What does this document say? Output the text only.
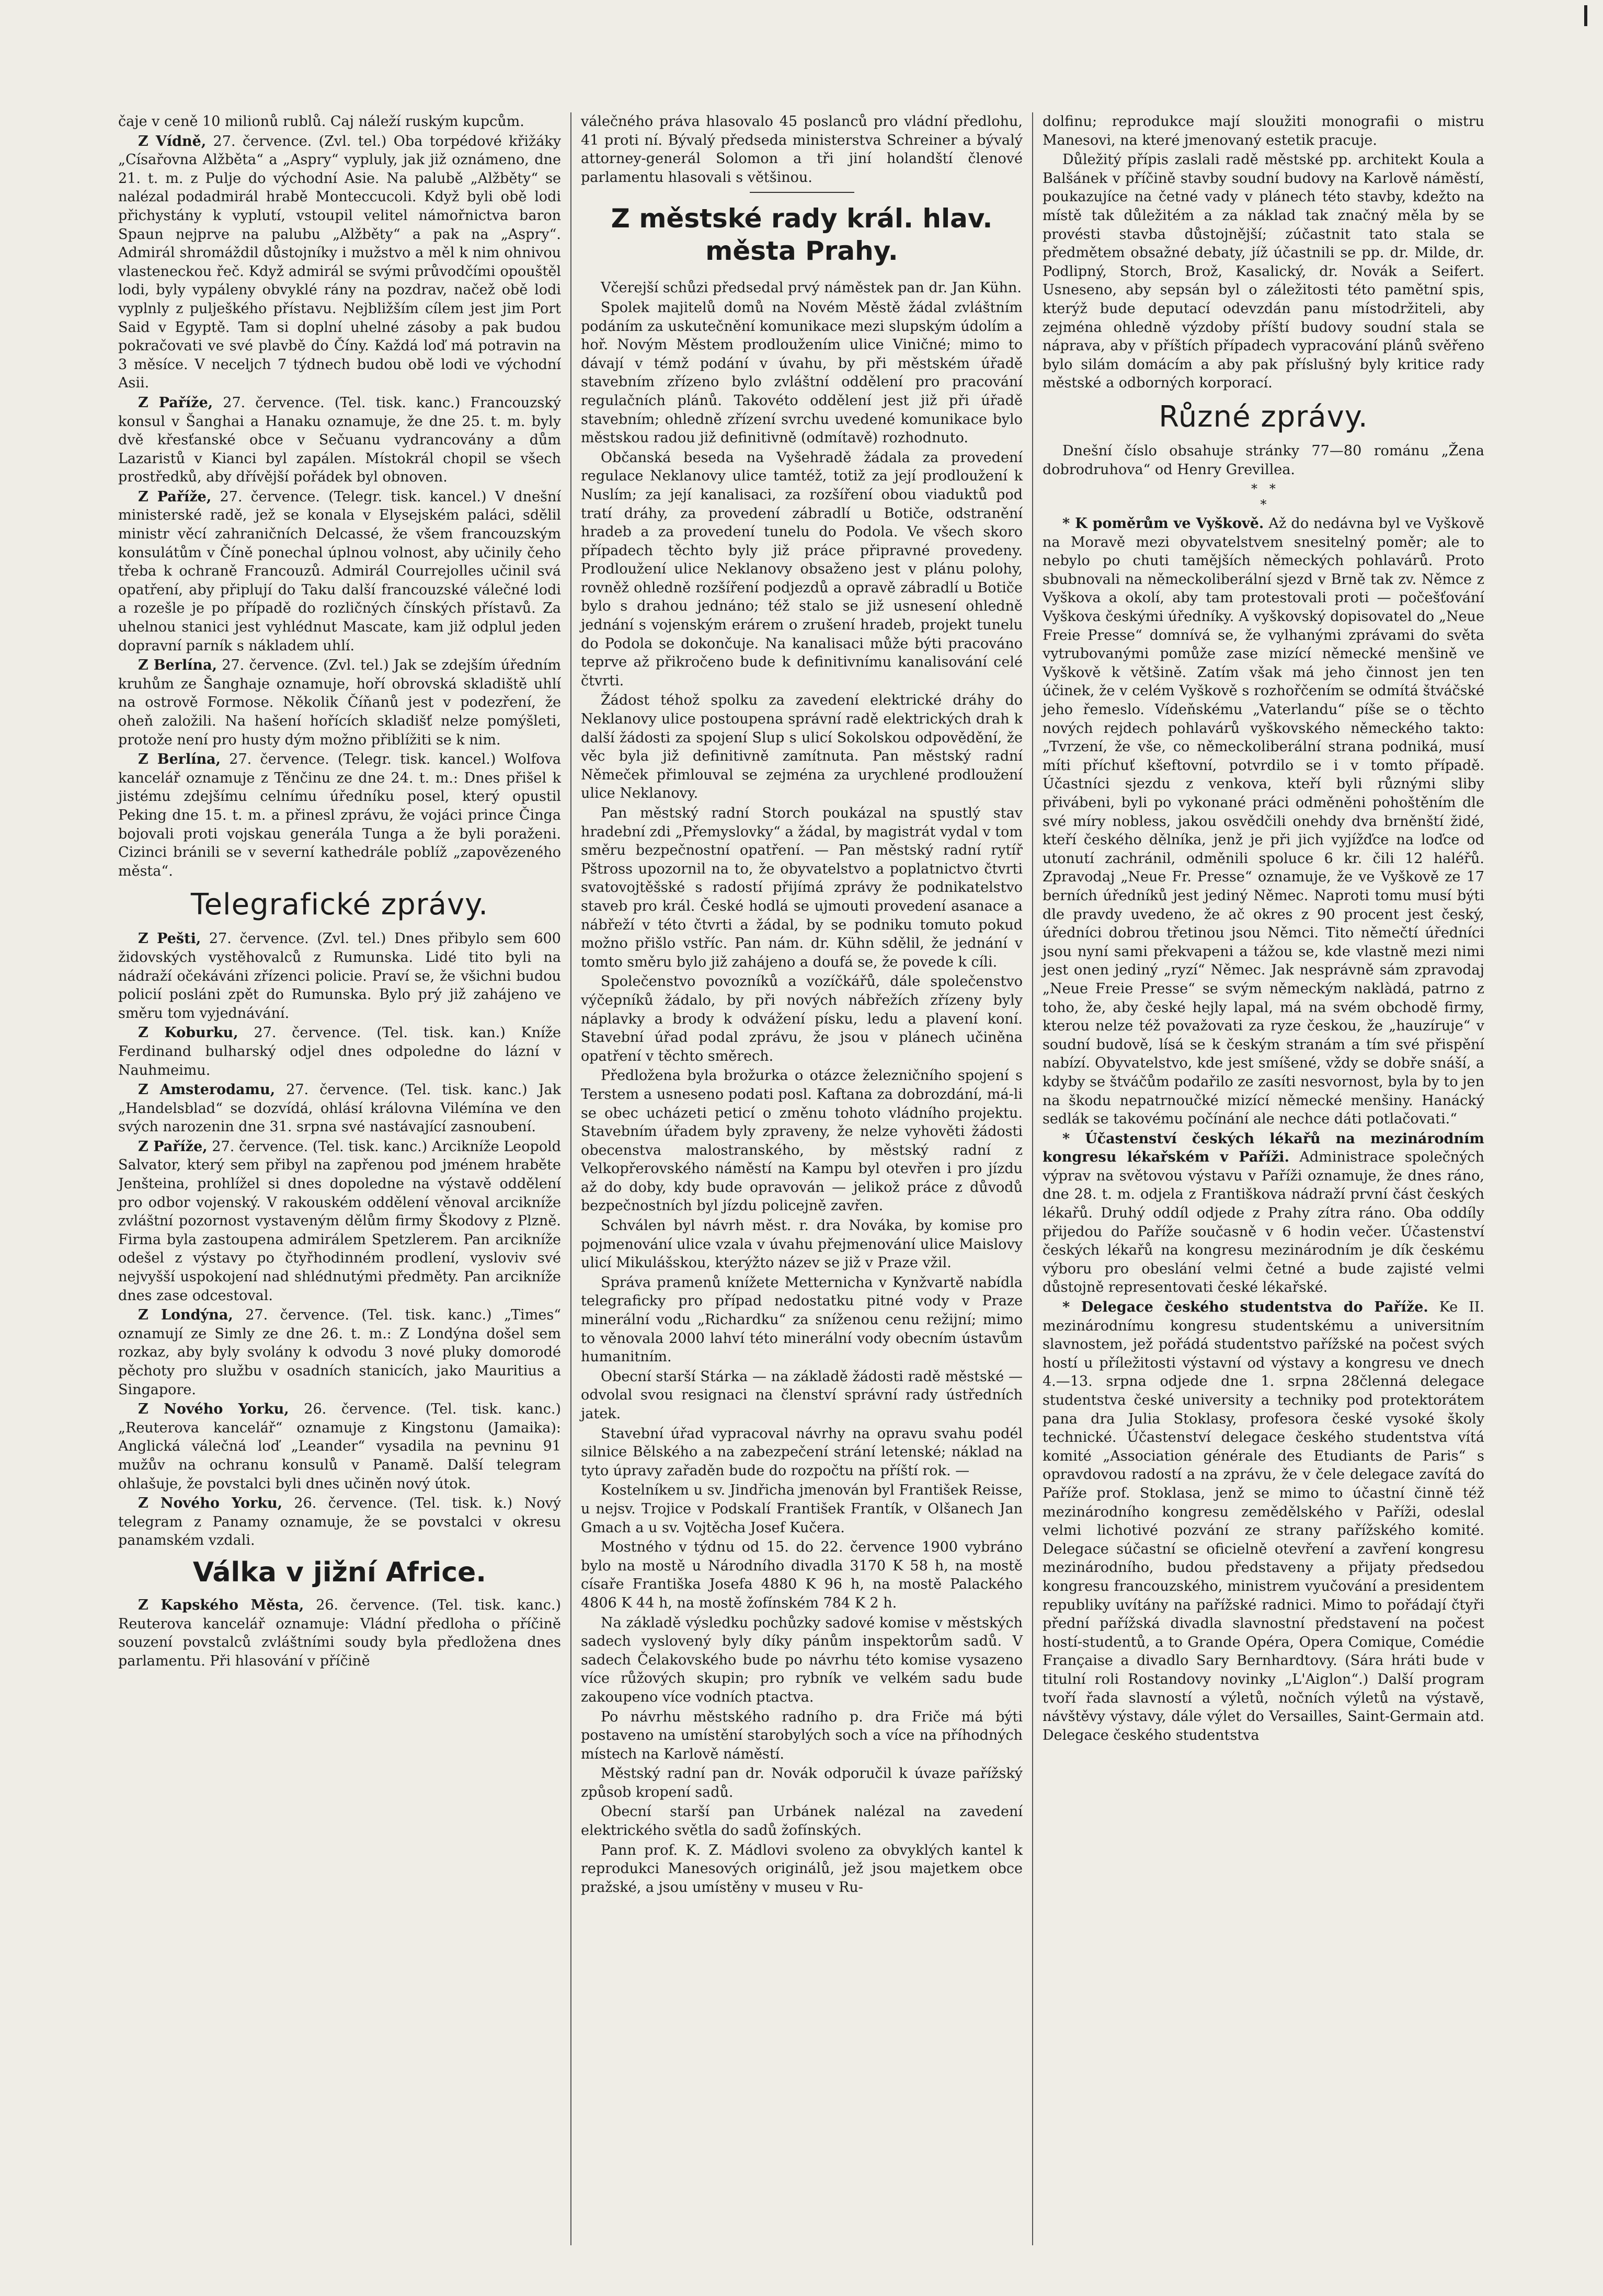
čaje v ceně 10 milionů rublů. Caj náleží ruským kupcům.

Z Vídně, 27. července. (Zvl. tel.) Oba torpédové křižáky „Císařovna Alžběta“ a „Aspry“ vypluly, jak již oznámeno, dne 21. t. m. z Pulje do východní Asie. Na palubě „Alžběty“ se nalézal podadmirál hrabě Monteccucoli. Když byli obě lodi přichystány k vyplutí, vstoupil velitel námořnictva baron Spaun nejprve na palubu „Alžběty“ a pak na „Aspry“. Admirál shromáždil důstojníky i mužstvo a měl k nim ohnivou vlasteneckou řeč. Když admirál se svými průvodčími opouštěl lodi, byly vypáleny obvyklé rány na pozdrav, načež obě lodi vyplnly z pulješkého přístavu. Nejbližším cílem jest jim Port Said v Egyptě. Tam si doplní uhelné zásoby a pak budou pokračovati ve své plavbě do Číny. Každá loď má potravin na 3 měsíce. V neceljch 7 týdnech budou obě lodi ve východní Asii.

Z Paříže, 27. července. (Tel. tisk. kanc.) Francouzský konsul v Šanghai a Hanaku oznamuje, že dne 25. t. m. byly dvě křesťanské obce v Sečuanu vydrancovány a dům Lazaristů v Kianci byl zapálen. Místokrál chopil se všech prostředků, aby dřívější pořádek byl obnoven.

Z Paříže, 27. července. (Telegr. tisk. kancel.) V dnešní ministerské radě, jež se konala v Elysejském paláci, sdělil ministr věcí zahraničních Delcassé, že všem francouzským konsulátům v Číně ponechal úplnou volnost, aby učinily čeho třeba k ochraně Francouzů. Admirál Courrejolles učinil svá opatření, aby připlují do Taku další francouzské válečné lodi a rozešle je po případě do rozličných čínských přístavů. Za uhelnou stanici jest vyhlédnut Mascate, kam již odplul jeden dopravní parník s nákladem uhlí.

Z Berlína, 27. července. (Zvl. tel.) Jak se zdejším úředním kruhům ze Šanghaje oznamuje, hoří obrovská skladiště uhlí na ostrově Formose. Několik Číňanů jest v podezření, že oheň založili. Na hašení hořících skladišť nelze pomýšleti, protože není pro husty dým možno přiblížiti se k nim.

Z Berlína, 27. července. (Telegr. tisk. kancel.) Wolfova kancelář oznamuje z Těnčinu ze dne 24. t. m.: Dnes přišel k jistému zdejšímu celnímu úředníku posel, který opustil Peking dne 15. t. m. a přinesl zprávu, že vojáci prince Činga bojovali proti vojskau generála Tunga a že byli poraženi. Cizinci bránili se v severní kathedrále poblíž „zapovězeného města“.

Telegrafické zprávy.

Z Pešti, 27. července. (Zvl. tel.) Dnes přibylo sem 600 židovských vystěhovalců z Rumunska. Lidé tito byli na nádraží očekáváni zřízenci policie. Praví se, že všichni budou policií posláni zpět do Rumunska. Bylo prý již zahájeno ve směru tom vyjednávání.

Z Koburku, 27. července. (Tel. tisk. kan.) Kníže Ferdinand bulharský odjel dnes odpoledne do lázní v Nauhmeimu.

Z Amsterodamu, 27. července. (Tel. tisk. kanc.) Jak „Handelsblad“ se dozvídá, ohlásí královna Vilémína ve den svých narozenin dne 31. srpna své nastávající zasnoubení.

Z Paříže, 27. července. (Tel. tisk. kanc.) Arcikníže Leopold Salvator, který sem přibyl na zapřenou pod jménem hraběte Jenšteina, prohlížel si dnes dopoledne na výstavě oddělení pro odbor vojenský. V rakouském oddělení věnoval arcikníže zvláštní pozornost vystaveným dělům firmy Škodovy z Plzně. Firma byla zastoupena admirálem Spetzlerem. Pan arcikníže odešel z výstavy po čtyřhodinném prodlení, vysloviv své nejvyšší uspokojení nad shlédnutými předměty. Pan arcikníže dnes zase odcestoval.

Z Londýna, 27. července. (Tel. tisk. kanc.) „Times“ oznamují ze Simly ze dne 26. t. m.: Z Londýna došel sem rozkaz, aby byly svolány k odvodu 3 nové pluky domorodé pěchoty pro službu v osadních stanicích, jako Mauritius a Singapore.

Z Nového Yorku, 26. července. (Tel. tisk. kanc.) „Reuterova kancelář“ oznamuje z Kingstonu (Jamaika): Anglická válečná loď „Leander“ vysadila na pevninu 91 mužův na ochranu konsulů v Panamě. Další telegram ohlašuje, že povstalci byli dnes učiněn nový útok.

Z Nového Yorku, 26. července. (Tel. tisk. k.) Nový telegram z Panamy oznamuje, že se povstalci v okresu panamském vzdali.

Válka v jižní Africe.

Z Kapského Města, 26. července. (Tel. tisk. kanc.) Reuterova kancelář oznamuje: Vládní předloha o příčině souzení povstalců zvláštními soudy byla předložena dnes parlamentu. Při hlasování v příčině

válečného práva hlasovalo 45 poslanců pro vládní předlohu, 41 proti ní. Bývalý předseda ministerstva Schreiner a bývalý attorney-generál Solomon a tři jiní holandští členové parlamentu hlasovali s většinou.

Z městské rady král. hlav. města Prahy.

Včerejší schůzi předsedal prvý náměstek pan dr. Jan Kühn.

Spolek majitelů domů na Novém Městě žádal zvláštním podáním za uskutečnění komunikace mezi slupským údolím a hoř. Novým Městem prodloužením ulice Viničné; mimo to dávají v témž podání v úvahu, by při městském úřadě stavebním zřízeno bylo zvláštní oddělení pro pracování regulačních plánů. Takovéto oddělení jest již při úřadě stavebním; ohledně zřízení svrchu uvedené komunikace bylo městskou radou již definitivně (odmítavě) rozhodnuto.

Občanská beseda na Vyšehradě žádala za provedení regulace Neklanovy ulice tamtéž, totiž za její prodloužení k Nuslím; za její kanalisaci, za rozšíření obou viaduktů pod tratí dráhy, za provedení zábradlí u Botiče, odstranění hradeb a za provedení tunelu do Podola. Ve všech skoro případech těchto byly již práce připravné provedeny. Prodloužení ulice Neklanovy obsaženo jest v plánu polohy, rovněž ohledně rozšíření podjezdů a opravě zábradlí u Botiče bylo s drahou jednáno; též stalo se již usnesení ohledně jednání s vojenským erárem o zrušení hradeb, projekt tunelu do Podola se dokončuje. Na kanalisaci může býti pracováno teprve až přikročeno bude k definitivnímu kanalisování celé čtvrti.

Žádost téhož spolku za zavedení elektrické dráhy do Neklanovy ulice postoupena správní radě elektrických drah k další žádosti za spojení Slup s ulicí Sokolskou odpovědění, že věc byla již definitivně zamítnuta. Pan městský radní Němeček přimlouval se zejména za urychlené prodloužení ulice Neklanovy.

Pan městský radní Storch poukázal na spustlý stav hradební zdi „Přemyslovky“ a žádal, by magistrát vydal v tom směru bezpečnostní opatření. — Pan městský radní rytíř Pštross upozornil na to, že obyvatelstvo a poplatnictvo čtvrti svatovojtěšské s radostí přijímá zprávy že podnikatelstvo staveb pro král. České hodlá se ujmouti provedení asanace a nábřeží v této čtvrti a žádal, by se podniku tomuto pokud možno přišlo vstříc. Pan nám. dr. Kühn sdělil, že jednání v tomto směru bylo již zahájeno a doufá se, že povede k cíli.

Společenstvo povozníků a vozíčkářů, dále společenstvo výčepníků žádalo, by při nových nábřežích zřízeny byly náplavky a brody k odvážení písku, ledu a plavení koní. Stavební úřad podal zprávu, že jsou v plánech učiněna opatření v těchto směrech.

Předložena byla brožurka o otázce železničního spojení s Terstem a usneseno podati posl. Kaftana za dobrozdání, má-li se obec ucházeti peticí o změnu tohoto vládního projektu. Stavebním úřadem byly zpraveny, že nelze vyhověti žádosti obecenstva malostranského, by městský radní z Velkopřerovského náměstí na Kampu byl otevřen i pro jízdu až do doby, kdy bude opravován — jelikož práce z důvodů bezpečnostních byl jízdu policejně zavřen.

Schválen byl návrh měst. r. dra Nováka, by komise pro pojmenování ulice vzala v úvahu přejmenování ulice Maislovy ulicí Mikulášskou, kterýžto název se již v Praze vžil.

Správa pramenů knížete Metternicha v Kynžvartě nabídla telegraficky pro případ nedostatku pitné vody v Praze minerální vodu „Richardku“ za sníženou cenu režijní; mimo to věnovala 2000 lahví této minerální vody obecním ústavům humanitním.

Obecní starší Stárka — na základě žádosti radě městské — odvolal svou resignaci na členství správní rady ústředních jatek.

Stavební úřad vypracoval návrhy na opravu svahu podél silnice Bělského a na zabezpečení strání letenské; náklad na tyto úpravy zařaděn bude do rozpočtu na příští rok. —

Kostelníkem u sv. Jindřicha jmenován byl František Reisse, u nejsv. Trojice v Podskalí František Frantík, v Olšanech Jan Gmach a u sv. Vojtěcha Josef Kučera.

Mostného v týdnu od 15. do 22. července 1900 vybráno bylo na mostě u Národního divadla 3170 K 58 h, na mostě císaře Františka Josefa 4880 K 96 h, na mostě Palackého 4806 K 44 h, na mostě žofínském 784 K 2 h.

Na základě výsledku pochůzky sadové komise v městských sadech vyslovený byly díky pánům inspektorům sadů. V sadech Čelakovského bude po návrhu této komise vysazeno více růžových skupin; pro rybník ve velkém sadu bude zakoupeno více vodních ptactva.

Po návrhu městského radního p. dra Friče má býti postaveno na umístění starobylých soch a více na příhodných místech na Karlově náměstí.

Městský radní pan dr. Novák odporučil k úvaze pařížský způsob kropení sadů.

Obecní starší pan Urbánek nalézal na zavedení elektrického světla do sadů žofínských.

Pann prof. K. Z. Mádlovi svoleno za obvyklých kantel k reprodukci Manesových originálů, jež jsou majetkem obce pražské, a jsou umístěny v museu v Ru-

dolfinu; reprodukce mají sloužiti monografii o mistru Manesovi, na které jmenovaný estetik pracuje.

Důležitý přípis zaslali radě městské pp. architekt Koula a Balšánek v příčině stavby soudní budovy na Karlově náměstí, poukazujíce na četné vady v plánech této stavby, kdežto na místě tak důležitém a za náklad tak značný měla by se provésti stavba důstojnější; zúčastnit tato stala se předmětem obsažné debaty, jíž účastnili se pp. dr. Milde, dr. Podlipný, Storch, Brož, Kasalický, dr. Novák a Seifert. Usneseno, aby sepsán byl o záležitosti této pamětní spis, kterýž bude deputací odevzdán panu místodržiteli, aby zejména ohledně výzdoby příští budovy soudní stala se náprava, aby v příštích případech vypracování plánů svěřeno bylo silám domácím a aby pak příslušný byly kritice rady městské a odborných korporací.

Různé zprávy.

Dnešní číslo obsahuje stránky 77—80 románu „Žena dobrodruhova“ od Henry Grevillea.

*   *
*

* K poměrům ve Vyškově. Až do nedávna byl ve Vyškově na Moravě mezi obyvatelstvem snesitelný poměr; ale to nebylo po chuti tamějších německých pohlavárů. Proto sbubnovali na německoliberální sjezd v Brně tak zv. Němce z Vyškova a okolí, aby tam protestovali proti — počešťování Vyškova českými úředníky. A vyškovský dopisovatel do „Neue Freie Presse“ domnívá se, že vylhanými zprávami do světa vytrubovanými pomůže zase mizící německé menšině ve Vyškově k většině. Zatím však má jeho činnost jen ten účinek, že v celém Vyškově s rozhořčením se odmítá štváčské jeho řemeslo. Vídeňskému „Vaterlandu“ píše se o těchto nových rejdech pohlavárů vyškovského německého takto: „Tvrzení, že vše, co německoliberální strana podniká, musí míti příchuť kšeftovní, potvrdilo se i v tomto případě. Účastníci sjezdu z venkova, kteří byli různými sliby přivábeni, byli po vykonané práci odměněni pohoštěním dle své míry nobless, jakou osvědčili onehdy dva brněnští židé, kteří českého dělníka, jenž je při jich vyjížďce na loďce od utonutí zachránil, odměnili spoluce 6 kr. čili 12 haléřů. Zpravodaj „Neue Fr. Presse“ oznamuje, že ve Vyškově ze 17 berních úředníků jest jediný Němec. Naproti tomu musí býti dle pravdy uvedeno, že ač okres z 90 procent jest český, úředníci dobrou třetinou jsou Němci. Tito němečtí úředníci jsou nyní sami překvapeni a tážou se, kde vlastně mezi nimi jest onen jediný „ryzí“ Němec. Jak nesprávně sám zpravodaj „Neue Freie Presse“ se svým německým naklàdá, patrno z toho, že, aby české hejly lapal, má na svém obchodě firmy, kterou nelze též považovati za ryze českou, že „hauzíruje“ v soudní budově, lísá se k českým stranám a tím své přispění nabízí. Obyvatelstvo, kde jest smíšené, vždy se dobře snáší, a kdyby se štváčům podařilo ze zasíti nesvornost, byla by to jen na škodu nepatrnoučké mizící německé menšiny. Hanácký sedlák se takovému počínání ale nechce dáti potlačovati.“

* Účastenství českých lékařů na mezinárodním kongresu lékařském v Paříži. Administrace společných výprav na světovou výstavu v Paříži oznamuje, že dnes ráno, dne 28. t. m. odjela z Františkova nádraží první část českých lékařů. Druhý oddíl odjede z Prahy zítra ráno. Oba oddíly přijedou do Paříže současně v 6 hodin večer. Účastenství českých lékařů na kongresu mezinárodním je dík českému výboru pro obeslání velmi četné a bude zajisté velmi důstojně representovati české lékařské.

* Delegace českého studentstva do Paříže. Ke II. mezinárodnímu kongresu studentskému a universitním slavnostem, jež pořádá studentstvo pařížské na počest svých hostí u příležitosti výstavní od výstavy a kongresu ve dnech 4.—13. srpna odjede dne 1. srpna 28členná delegace studentstva české university a techniky pod protektorátem pana dra Julia Stoklasy, profesora české vysoké školy technické. Účastenství delegace českého studentstva vítá komité „Association générale des Etudiants de Paris“ s opravdovou radostí a na zprávu, že v čele delegace zavítá do Paříže prof. Stoklasa, jenž se mimo to účastní činně též mezinárodního kongresu zemědělského v Paříži, odeslal velmi lichotivé pozvání ze strany pařížského komité. Delegace súčastní se oficielně otevření a zavření kongresu mezinárodního, budou představeny a přijaty předsedou kongresu francouzského, ministrem vyučování a presidentem republiky uvítány na pařížské radnici. Mimo to pořádají čtyři přední pařížská divadla slavnostní představení na počest hostí-studentů, a to Grande Opéra, Opera Comique, Comédie Française a divadlo Sary Bernhardtovy. (Sára hráti bude v titulní roli Rostandovy novinky „L'Aiglon“.) Další program tvoří řada slavností a výletů, nočních výletů na výstavě, návštěvy výstavy, dále výlet do Versailles, Saint-Germain atd. Delegace českého studentstva
